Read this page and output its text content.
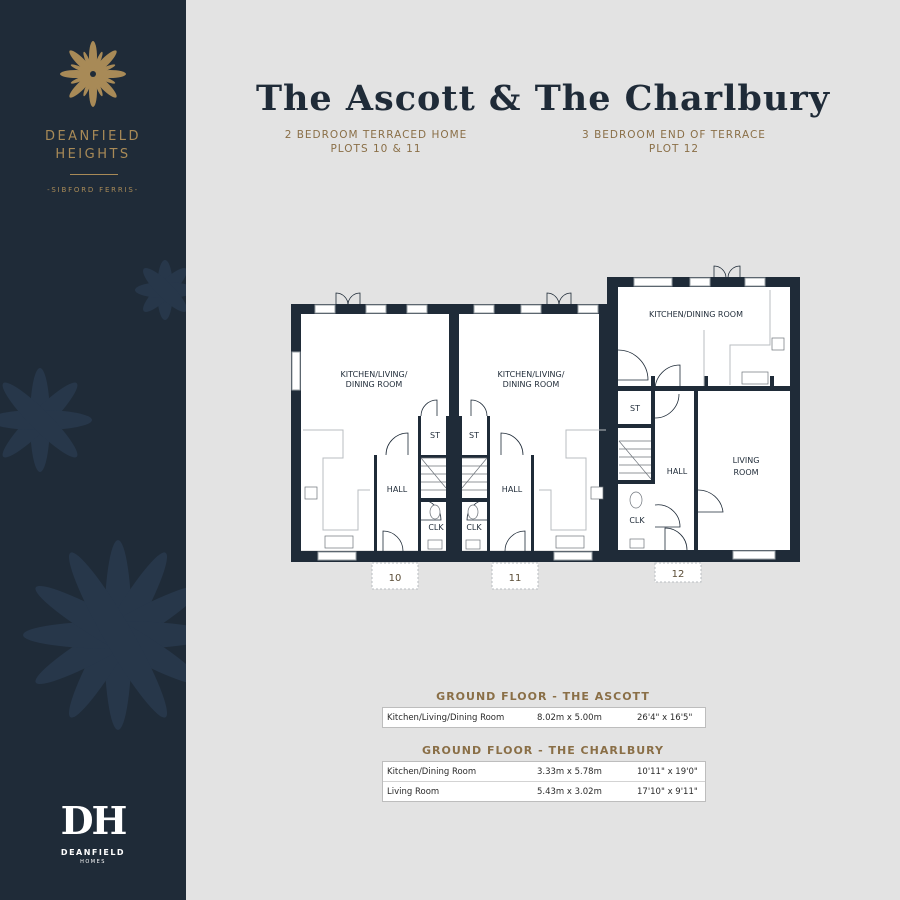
DEANFIELD
HEIGHTS
-SIBFORD FERRIS-
DH
DEANFIELD
HOMES
The Ascott & The Charlbury
2 BEDROOM TERRACED HOME
PLOTS 10 & 11
3 BEDROOM END OF TERRACE
PLOT 12
KITCHEN/LIVING/
DINING ROOM
KITCHEN/LIVING/
DINING ROOM
KITCHEN/DINING ROOM
LIVING
ROOM
ST	ST
ST
HALL	HALL
HALL
CLK	CLK
CLK
10	11	12
GROUND FLOOR - THE ASCOTT
Kitchen/Living/Dining Room	8.02m x 5.00m	26'4" x 16'5"
GROUND FLOOR - THE CHARLBURY
Kitchen/Dining Room	3.33m x 5.78m	10'11" x 19'0"
Living Room	5.43m x 3.02m	17'10" x 9'11"
